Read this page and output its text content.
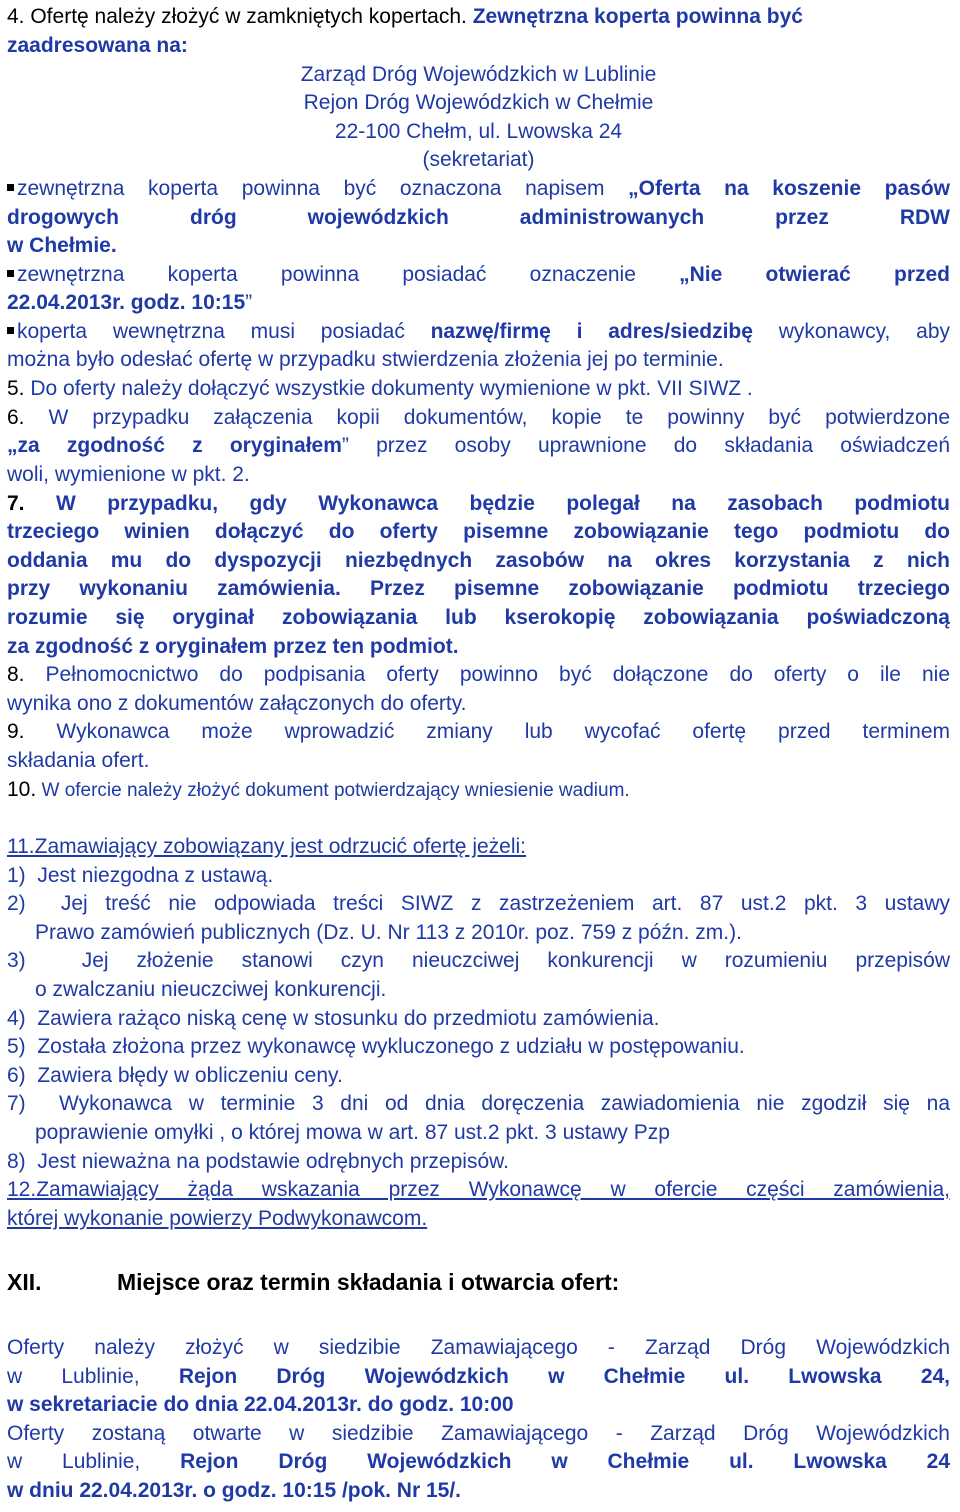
4. Ofertę należy złożyć w zamkniętych kopertach. Zewnętrzna koperta powinna być
zaadresowana na:
Zarząd Dróg Wojewódzkich w Lublinie
Rejon Dróg Wojewódzkich w Chełmie
22-100 Chełm, ul. Lwowska 24
(sekretariat)
zewnętrzna koperta powinna być oznaczona napisem „Oferta na koszenie pasów
drogowych dróg wojewódzkich administrowanych przez RDW
w Chełmie.
zewnętrzna koperta powinna posiadać oznaczenie „Nie otwierać przed
22.04.2013r. godz. 10:15”
koperta wewnętrzna musi posiadać nazwę/firmę i adres/siedzibę wykonawcy, aby
można było odesłać ofertę w przypadku stwierdzenia złożenia jej po terminie.
5. Do oferty należy dołączyć wszystkie dokumenty wymienione w pkt. VII SIWZ .
6. W przypadku załączenia kopii dokumentów, kopie te powinny być potwierdzone
„za zgodność z oryginałem” przez osoby uprawnione do składania oświadczeń
woli, wymienione w pkt. 2.
7. W przypadku, gdy Wykonawca będzie polegał na zasobach podmiotu
trzeciego winien dołączyć do oferty pisemne zobowiązanie tego podmiotu do
oddania mu do dyspozycji niezbędnych zasobów na okres korzystania z nich
przy wykonaniu zamówienia. Przez pisemne zobowiązanie podmiotu trzeciego
rozumie się oryginał zobowiązania lub kserokopię zobowiązania poświadczoną
za zgodność z oryginałem przez ten podmiot.
8. Pełnomocnictwo do podpisania oferty powinno być dołączone do oferty o ile nie
wynika ono z dokumentów załączonych do oferty.
9. Wykonawca może wprowadzić zmiany lub wycofać ofertę przed terminem
składania ofert.
10. W ofercie należy złożyć dokument potwierdzający wniesienie wadium.
11.Zamawiający zobowiązany jest odrzucić ofertę jeżeli:
1) Jest niezgodna z ustawą.
2) Jej treść nie odpowiada treści SIWZ z zastrzeżeniem art. 87 ust.2 pkt. 3 ustawy
Prawo zamówień publicznych (Dz. U. Nr 113 z 2010r. poz. 759 z późn. zm.).
3)	Jej złożenie stanowi czyn nieuczciwej konkurencji w rozumieniu przepisów
o zwalczaniu nieuczciwej konkurencji.
4) Zawiera rażąco niską cenę w stosunku do przedmiotu zamówienia.
5) Została złożona przez wykonawcę wykluczonego z udziału w postępowaniu.
6) Zawiera błędy w obliczeniu ceny.
7) Wykonawca w terminie 3 dni od dnia doręczenia zawiadomienia nie zgodził się na
poprawienie omyłki , o której mowa w art. 87 ust.2 pkt. 3 ustawy Pzp
8) Jest nieważna na podstawie odrębnych przepisów.
12.Zamawiający żąda wskazania przez Wykonawcę w ofercie części zamówienia,
której wykonanie powierzy Podwykonawcom.
XII.	Miejsce oraz termin składania i otwarcia ofert:
Oferty należy złożyć w siedzibie Zamawiającego - Zarząd Dróg Wojewódzkich
w Lublinie, Rejon Dróg Wojewódzkich w Chełmie ul. Lwowska 24,
w sekretariacie do dnia 22.04.2013r. do godz. 10:00
Oferty zostaną otwarte w siedzibie Zamawiającego - Zarząd Dróg Wojewódzkich
w Lublinie, Rejon Dróg Wojewódzkich w Chełmie ul. Lwowska 24
w dniu 22.04.2013r. o godz. 10:15 /pok. Nr 15/.
